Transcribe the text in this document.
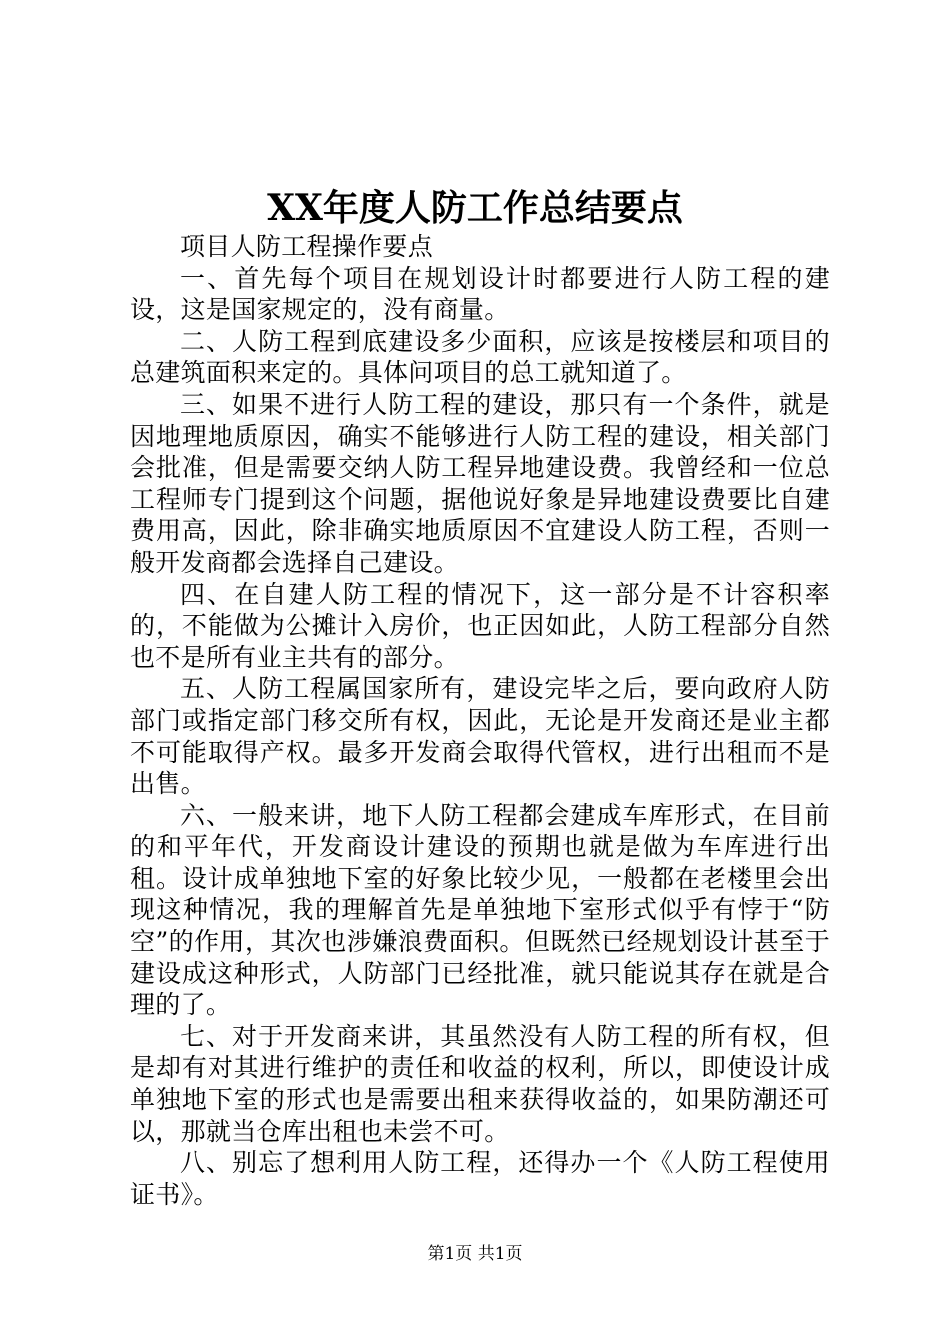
XX年度人防工作总结要点

项目人防工程操作要点

一、首先每个项目在规划设计时都要进行人防工程的建设，这是国家规定的，没有商量。

二、人防工程到底建设多少面积，应该是按楼层和项目的总建筑面积来定的。具体问项目的总工就知道了。

三、如果不进行人防工程的建设，那只有一个条件，就是因地理地质原因，确实不能够进行人防工程的建设，相关部门会批准，但是需要交纳人防工程异地建设费。我曾经和一位总工程师专门提到这个问题，据他说好象是异地建设费要比自建费用高，因此，除非确实地质原因不宜建设人防工程，否则一般开发商都会选择自己建设。

四、在自建人防工程的情况下，这一部分是不计容积率的，不能做为公摊计入房价，也正因如此，人防工程部分自然也不是所有业主共有的部分。

五、人防工程属国家所有，建设完毕之后，要向政府人防部门或指定部门移交所有权，因此，无论是开发商还是业主都不可能取得产权。最多开发商会取得代管权，进行出租而不是出售。

六、一般来讲，地下人防工程都会建成车库形式，在目前的和平年代，开发商设计建设的预期也就是做为车库进行出租。设计成单独地下室的好象比较少见，一般都在老楼里会出现这种情况，我的理解首先是单独地下室形式似乎有悖于“防空”的作用，其次也涉嫌浪费面积。但既然已经规划设计甚至于建设成这种形式，人防部门已经批准，就只能说其存在就是合理的了。

七、对于开发商来讲，其虽然没有人防工程的所有权，但是却有对其进行维护的责任和收益的权利，所以，即使设计成单独地下室的形式也是需要出租来获得收益的，如果防潮还可以，那就当仓库出租也未尝不可。

八、别忘了想利用人防工程，还得办一个《人防工程使用证书》。

第1页 共1页
